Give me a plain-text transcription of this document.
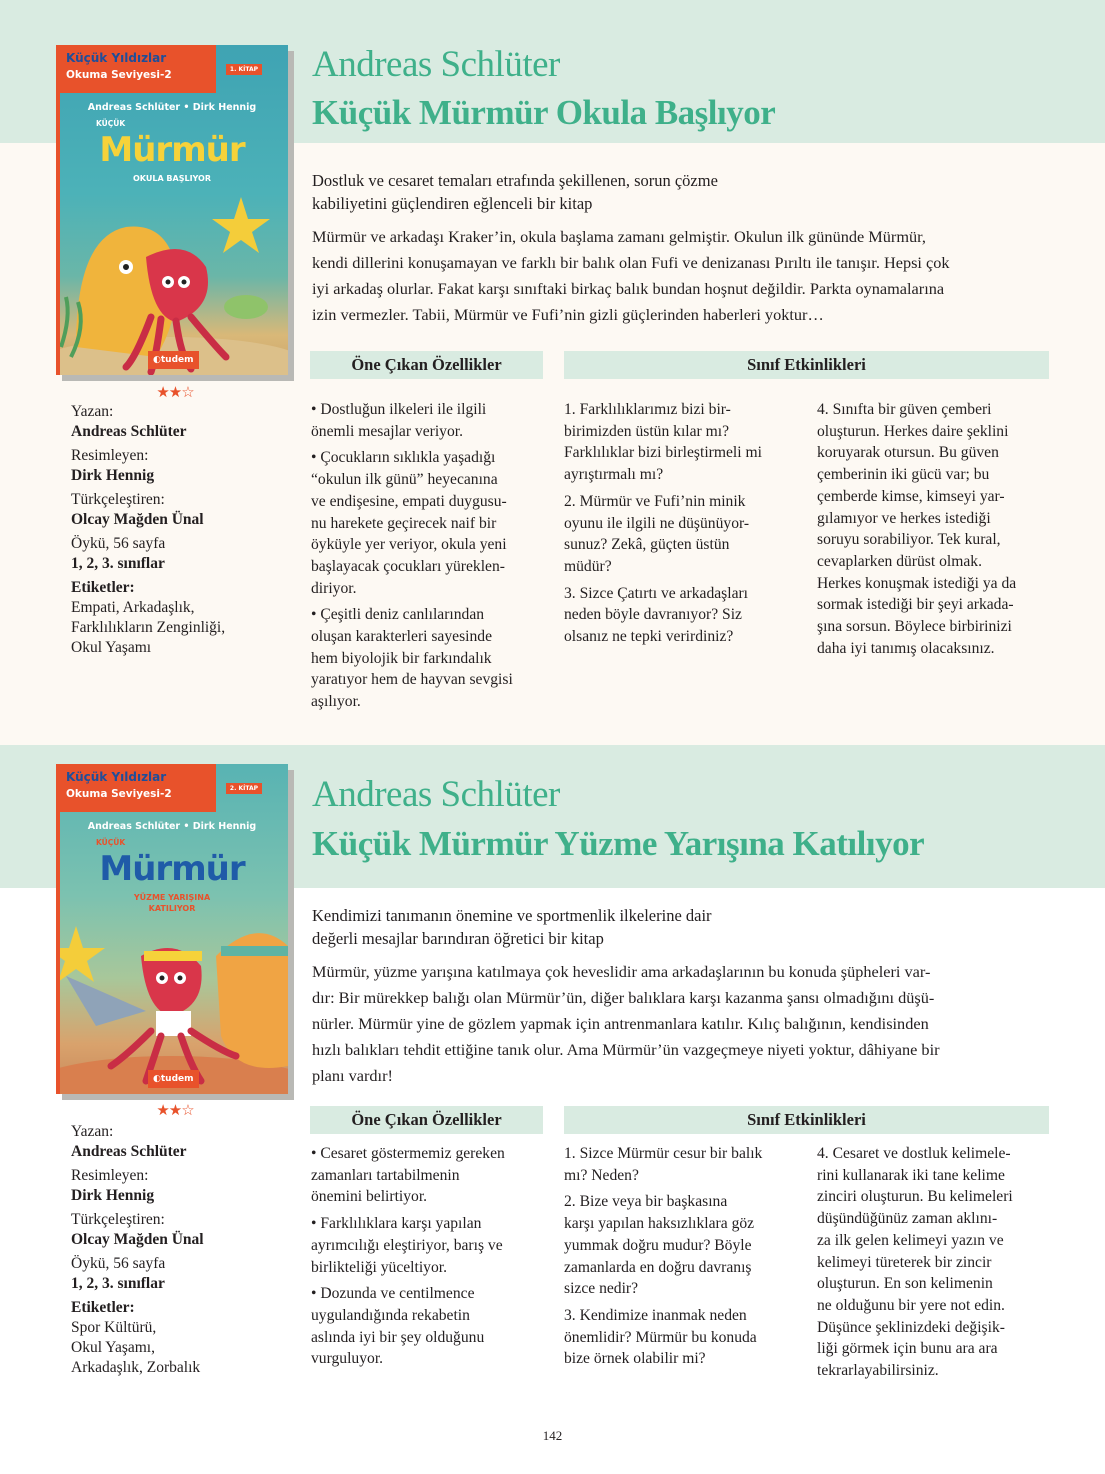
Küçük Yıldızlar
Okuma Seviyesi-2	1. KİTAP
Andreas Schlüter • Dirk Hennig
KÜÇÜK
Mürmür
OKULA BAŞLIYOR
◐tudem
★★☆
Yazan:
Andreas Schlüter
Resimleyen:
Dirk Hennig
Türkçeleştiren:
Olcay Mağden Ünal
Öykü, 56 sayfa
1, 2, 3. sınıflar
Etiketler:
Empati, Arkadaşlık,
Farklılıkların Zenginliği,
Okul Yaşamı
Andreas Schlüter
Küçük Mürmür Okula Başlıyor
Dostluk ve cesaret temaları etrafında şekillenen, sorun çözme
kabiliyetini güçlendiren eğlenceli bir kitap
Mürmür ve arkadaşı Kraker’in, okula başlama zamanı gelmiştir. Okulun ilk gününde Mürmür,
kendi dillerini konuşamayan ve farklı bir balık olan Fufi ve denizanası Pırıltı ile tanışır. Hepsi çok
iyi arkadaş olurlar. Fakat karşı sınıftaki birkaç balık bundan hoşnut değildir. Parkta oynamalarına
izin vermezler. Tabii, Mürmür ve Fufi’nin gizli güçlerinden haberleri yoktur…
Öne Çıkan Özellikler	Sınıf Etkinlikleri

• Dostluğun ilkeleri ile ilgili
önemli mesajlar veriyor.

• Çocukların sıklıkla yaşadığı
“okulun ilk günü” heyecanına
ve endişesine, empati duygusu-
nu harekete geçirecek naif bir
öyküyle yer veriyor, okula yeni
başlayacak çocukları yüreklen-
diriyor.

• Çeşitli deniz canlılarından
oluşan karakterleri sayesinde
hem biyolojik bir farkındalık
yaratıyor hem de hayvan sevgisi
aşılıyor.

1. Farklılıklarımız bizi bir-
birimizden üstün kılar mı?
Farklılıklar bizi birleştirmeli mi
ayrıştırmalı mı?

2. Mürmür ve Fufi’nin minik
oyunu ile ilgili ne düşünüyor-
sunuz? Zekâ, güçten üstün
müdür?

3. Sizce Çatırtı ve arkadaşları
neden böyle davranıyor? Siz
olsanız ne tepki verirdiniz?

4. Sınıfta bir güven çemberi
oluşturun. Herkes daire şeklini
koruyarak otursun. Bu güven
çemberinin iki gücü var; bu
çemberde kimse, kimseyi yar-
gılamıyor ve herkes istediği
soruyu sorabiliyor. Tek kural,
cevaplarken dürüst olmak.
Herkes konuşmak istediği ya da
sormak istediği bir şeyi arkada-
şına sorsun. Böylece birbirinizi
daha iyi tanımış olacaksınız.

Küçük Yıldızlar
Okuma Seviyesi-2	2. KİTAP
Andreas Schlüter • Dirk Hennig
KÜÇÜK
Mürmür
YÜZME YARIŞINA KATILIYOR
◐tudem
★★☆
Yazan:
Andreas Schlüter
Resimleyen:
Dirk Hennig
Türkçeleştiren:
Olcay Mağden Ünal
Öykü, 56 sayfa
1, 2, 3. sınıflar
Etiketler:
Spor Kültürü,
Okul Yaşamı,
Arkadaşlık, Zorbalık
Andreas Schlüter
Küçük Mürmür Yüzme Yarışına Katılıyor
Kendimizi tanımanın önemine ve sportmenlik ilkelerine dair
değerli mesajlar barındıran öğretici bir kitap
Mürmür, yüzme yarışına katılmaya çok heveslidir ama arkadaşlarının bu konuda şüpheleri var-
dır: Bir mürekkep balığı olan Mürmür’ün, diğer balıklara karşı kazanma şansı olmadığını düşü-
nürler. Mürmür yine de gözlem yapmak için antrenmanlara katılır. Kılıç balığının, kendisinden
hızlı balıkları tehdit ettiğine tanık olur. Ama Mürmür’ün vazgeçmeye niyeti yoktur, dâhiyane bir
planı vardır!
Öne Çıkan Özellikler	Sınıf Etkinlikleri

• Cesaret göstermemiz gereken
zamanları tartabilmenin
önemini belirtiyor.

• Farklılıklara karşı yapılan
ayrımcılığı eleştiriyor, barış ve
birlikteliği yüceltiyor.

• Dozunda ve centilmence
uygulandığında rekabetin
aslında iyi bir şey olduğunu
vurguluyor.

1. Sizce Mürmür cesur bir balık
mı? Neden?

2. Bize veya bir başkasına
karşı yapılan haksızlıklara göz
yummak doğru mudur? Böyle
zamanlarda en doğru davranış
sizce nedir?

3. Kendimize inanmak neden
önemlidir? Mürmür bu konuda
bize örnek olabilir mi?

4. Cesaret ve dostluk kelimele-
rini kullanarak iki tane kelime
zinciri oluşturun. Bu kelimeleri
düşündüğünüz zaman aklını-
za ilk gelen kelimeyi yazın ve
kelimeyi türeterek bir zincir
oluşturun. En son kelimenin
ne olduğunu bir yere not edin.
Düşünce şeklinizdeki değişik-
liği görmek için bunu ara ara
tekrarlayabilirsiniz.

142
